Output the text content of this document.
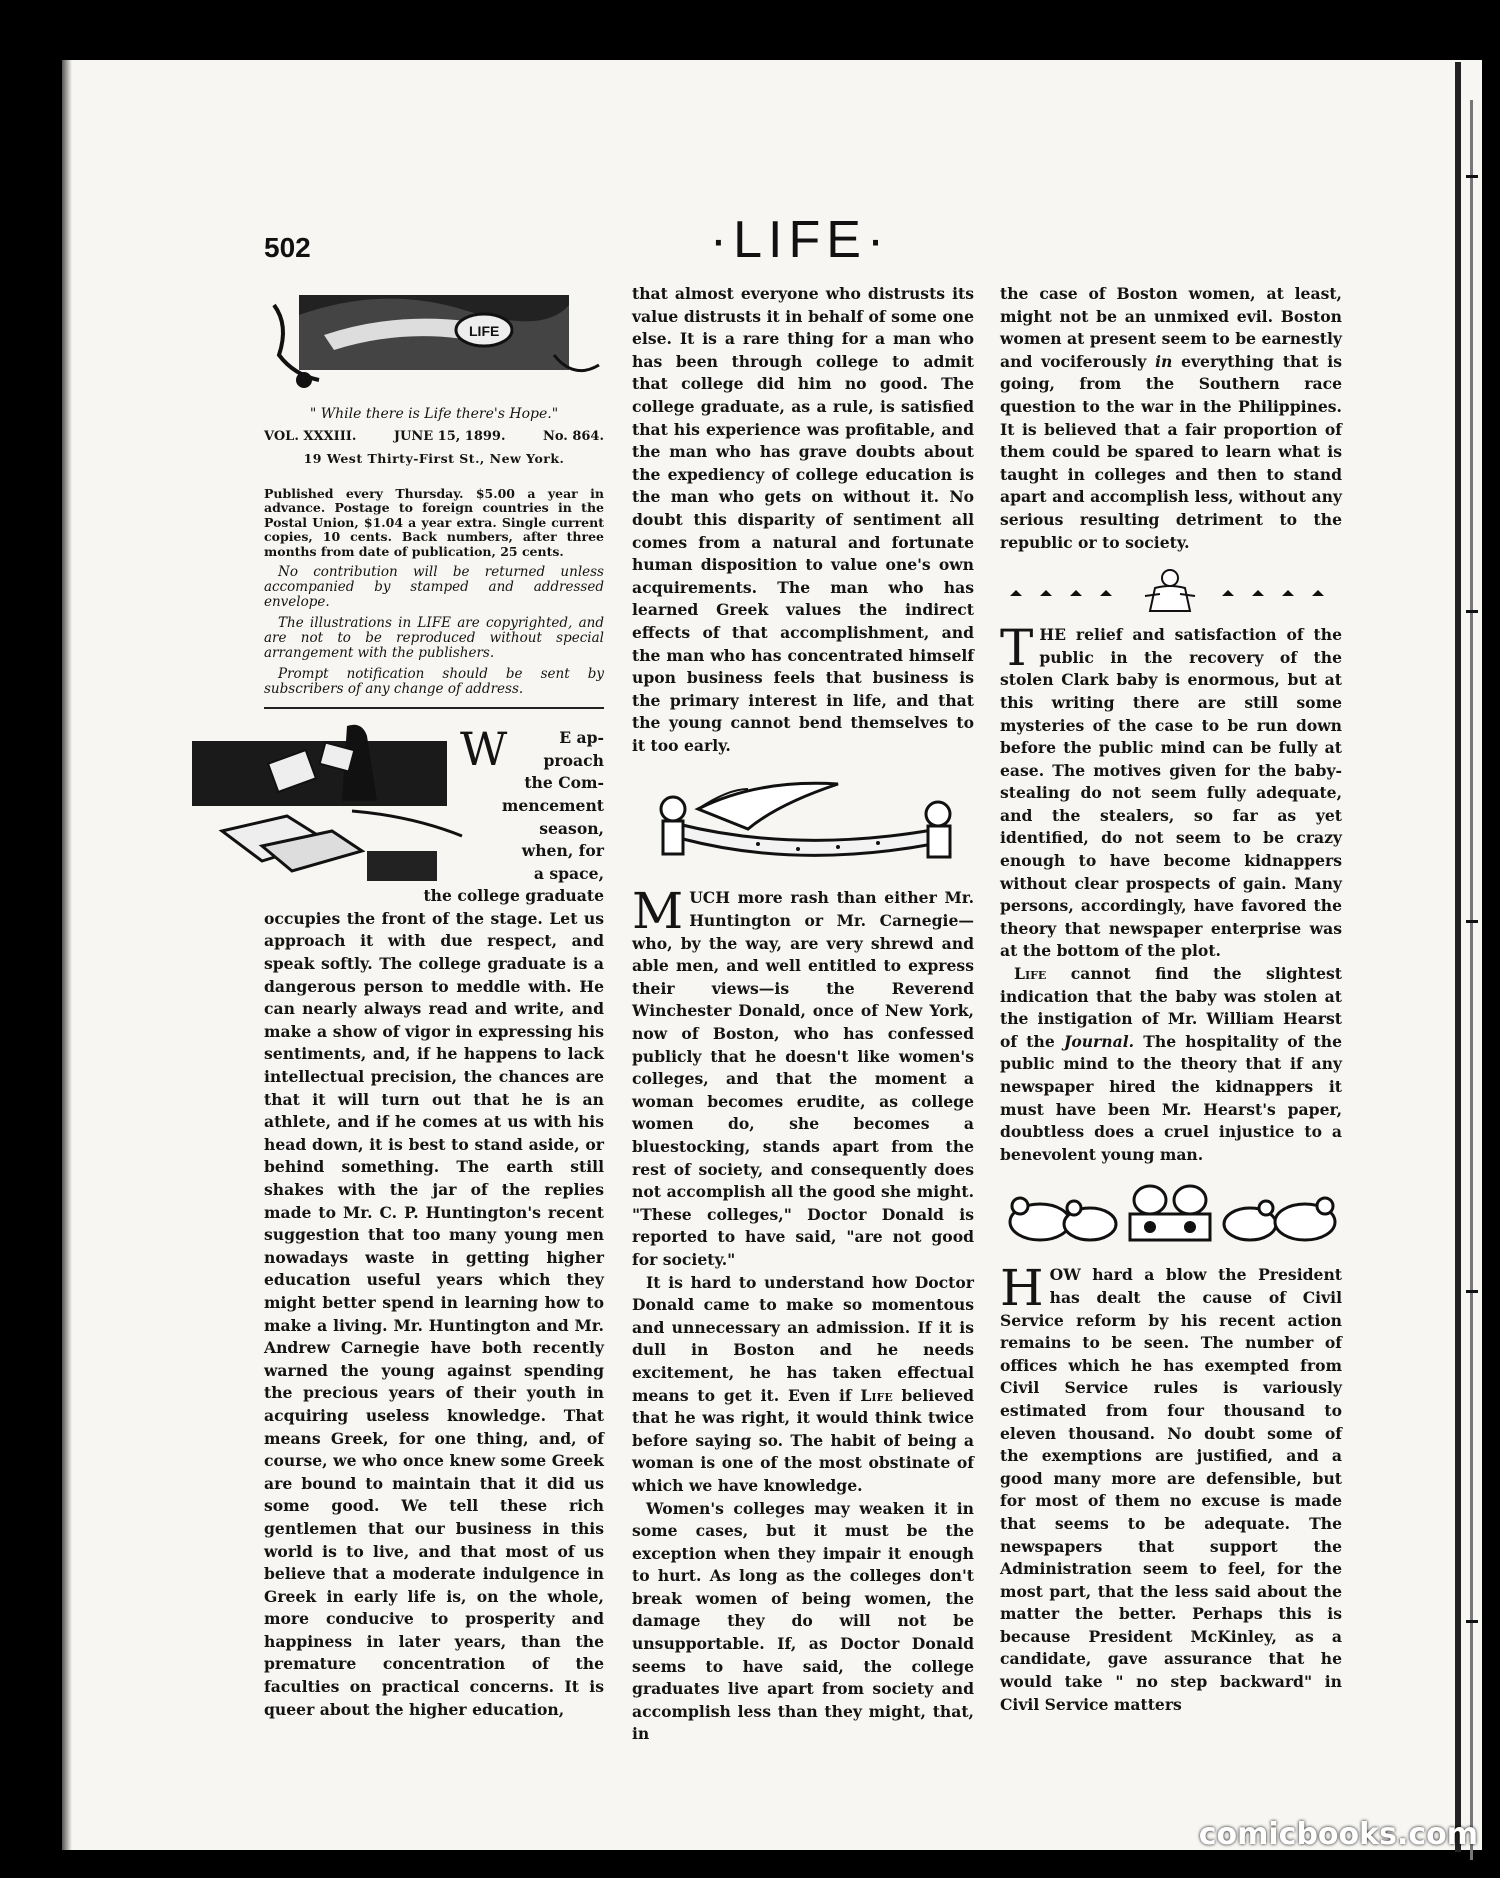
502	·LIFE·
LIFE
" While there is Life there's Hope."
VOL. XXXIII.	JUNE 15, 1899.	No. 864.
19 West Thirty-First St., New York.
Published every Thursday. $5.00 a year in advance. Postage to foreign countries in the Postal Union, $1.04 a year extra. Single current copies, 10 cents. Back numbers, after three months from date of publication, 25 cents.
No contribution will be returned unless accompanied by stamped and addressed envelope.
The illustrations in LIFE are copyrighted, and are not to be reproduced without special arrangement with the publishers.
Prompt notification should be sent by subscribers of any change of address.
W	E ap-
proach
the Com-
mencement
season,
when, for
a space,
the college graduate

occupies the front of the stage. Let us approach it with due respect, and speak softly. The college graduate is a dangerous person to meddle with. He can nearly always read and write, and make a show of vigor in expressing his sentiments, and, if he happens to lack intellectual precision, the chances are that it will turn out that he is an athlete, and if he comes at us with his head down, it is best to stand aside, or behind something. The earth still shakes with the jar of the replies made to Mr. C. P. Huntington's recent suggestion that too many young men nowadays waste in getting higher education useful years which they might better spend in learning how to make a living. Mr. Huntington and Mr. Andrew Carnegie have both recently warned the young against spending the precious years of their youth in acquiring useless knowledge. That means Greek, for one thing, and, of course, we who once knew some Greek are bound to maintain that it did us some good. We tell these rich gentlemen that our business in this world is to live, and that most of us believe that a moderate indulgence in Greek in early life is, on the whole, more conducive to prosperity and happiness in later years, than the premature concentration of the faculties on practical concerns. It is queer about the higher education,

that almost everyone who distrusts its value distrusts it in behalf of some one else. It is a rare thing for a man who has been through college to admit that college did him no good. The college graduate, as a rule, is satisfied that his experience was profitable, and the man who has grave doubts about the expediency of college education is the man who gets on without it. No doubt this disparity of sentiment all comes from a natural and fortunate human disposition to value one's own acquirements. The man who has learned Greek values the indirect effects of that accomplishment, and the man who has concentrated himself upon business feels that business is the primary interest in life, and that the young cannot bend themselves to it too early.

MUCH more rash than either Mr. Huntington or Mr. Carnegie—who, by the way, are very shrewd and able men, and well entitled to express their views—is the Reverend Winchester Donald, once of New York, now of Boston, who has confessed publicly that he doesn't like women's colleges, and that the moment a woman becomes erudite, as college women do, she becomes a bluestocking, stands apart from the rest of society, and consequently does not accomplish all the good she might. "These colleges," Doctor Donald is reported to have said, "are not good for society."

It is hard to understand how Doctor Donald came to make so momentous and unnecessary an admission. If it is dull in Boston and he needs excitement, he has taken effectual means to get it. Even if Life believed that he was right, it would think twice before saying so. The habit of being a woman is one of the most obstinate of which we have knowledge.

Women's colleges may weaken it in some cases, but it must be the exception when they impair it enough to hurt. As long as the colleges don't break women of being women, the damage they do will not be unsupportable. If, as Doctor Donald seems to have said, the college graduates live apart from society and accomplish less than they might, that, in

the case of Boston women, at least, might not be an unmixed evil. Boston women at present seem to be earnestly and vociferously in everything that is going, from the Southern race question to the war in the Philippines. It is believed that a fair proportion of them could be spared to learn what is taught in colleges and then to stand apart and accomplish less, without any serious resulting detriment to the republic or to society.

THE relief and satisfaction of the public in the recovery of the stolen Clark baby is enormous, but at this writing there are still some mysteries of the case to be run down before the public mind can be fully at ease. The motives given for the baby-stealing do not seem fully adequate, and the stealers, so far as yet identified, do not seem to be crazy enough to have become kidnappers without clear prospects of gain. Many persons, accordingly, have favored the theory that newspaper enterprise was at the bottom of the plot.

Life cannot find the slightest indication that the baby was stolen at the instigation of Mr. William Hearst of the Journal. The hospitality of the public mind to the theory that if any newspaper hired the kidnappers it must have been Mr. Hearst's paper, doubtless does a cruel injustice to a benevolent young man.

HOW hard a blow the President has dealt the cause of Civil Service reform by his recent action remains to be seen. The number of offices which he has exempted from Civil Service rules is variously estimated from four thousand to eleven thousand. No doubt some of the exemptions are justified, and a good many more are defensible, but for most of them no excuse is made that seems to be adequate. The newspapers that support the Administration seem to feel, for the most part, that the less said about the matter the better. Perhaps this is because President McKinley, as a candidate, gave assurance that he would take " no step backward" in Civil Service matters

comicbooks.com
